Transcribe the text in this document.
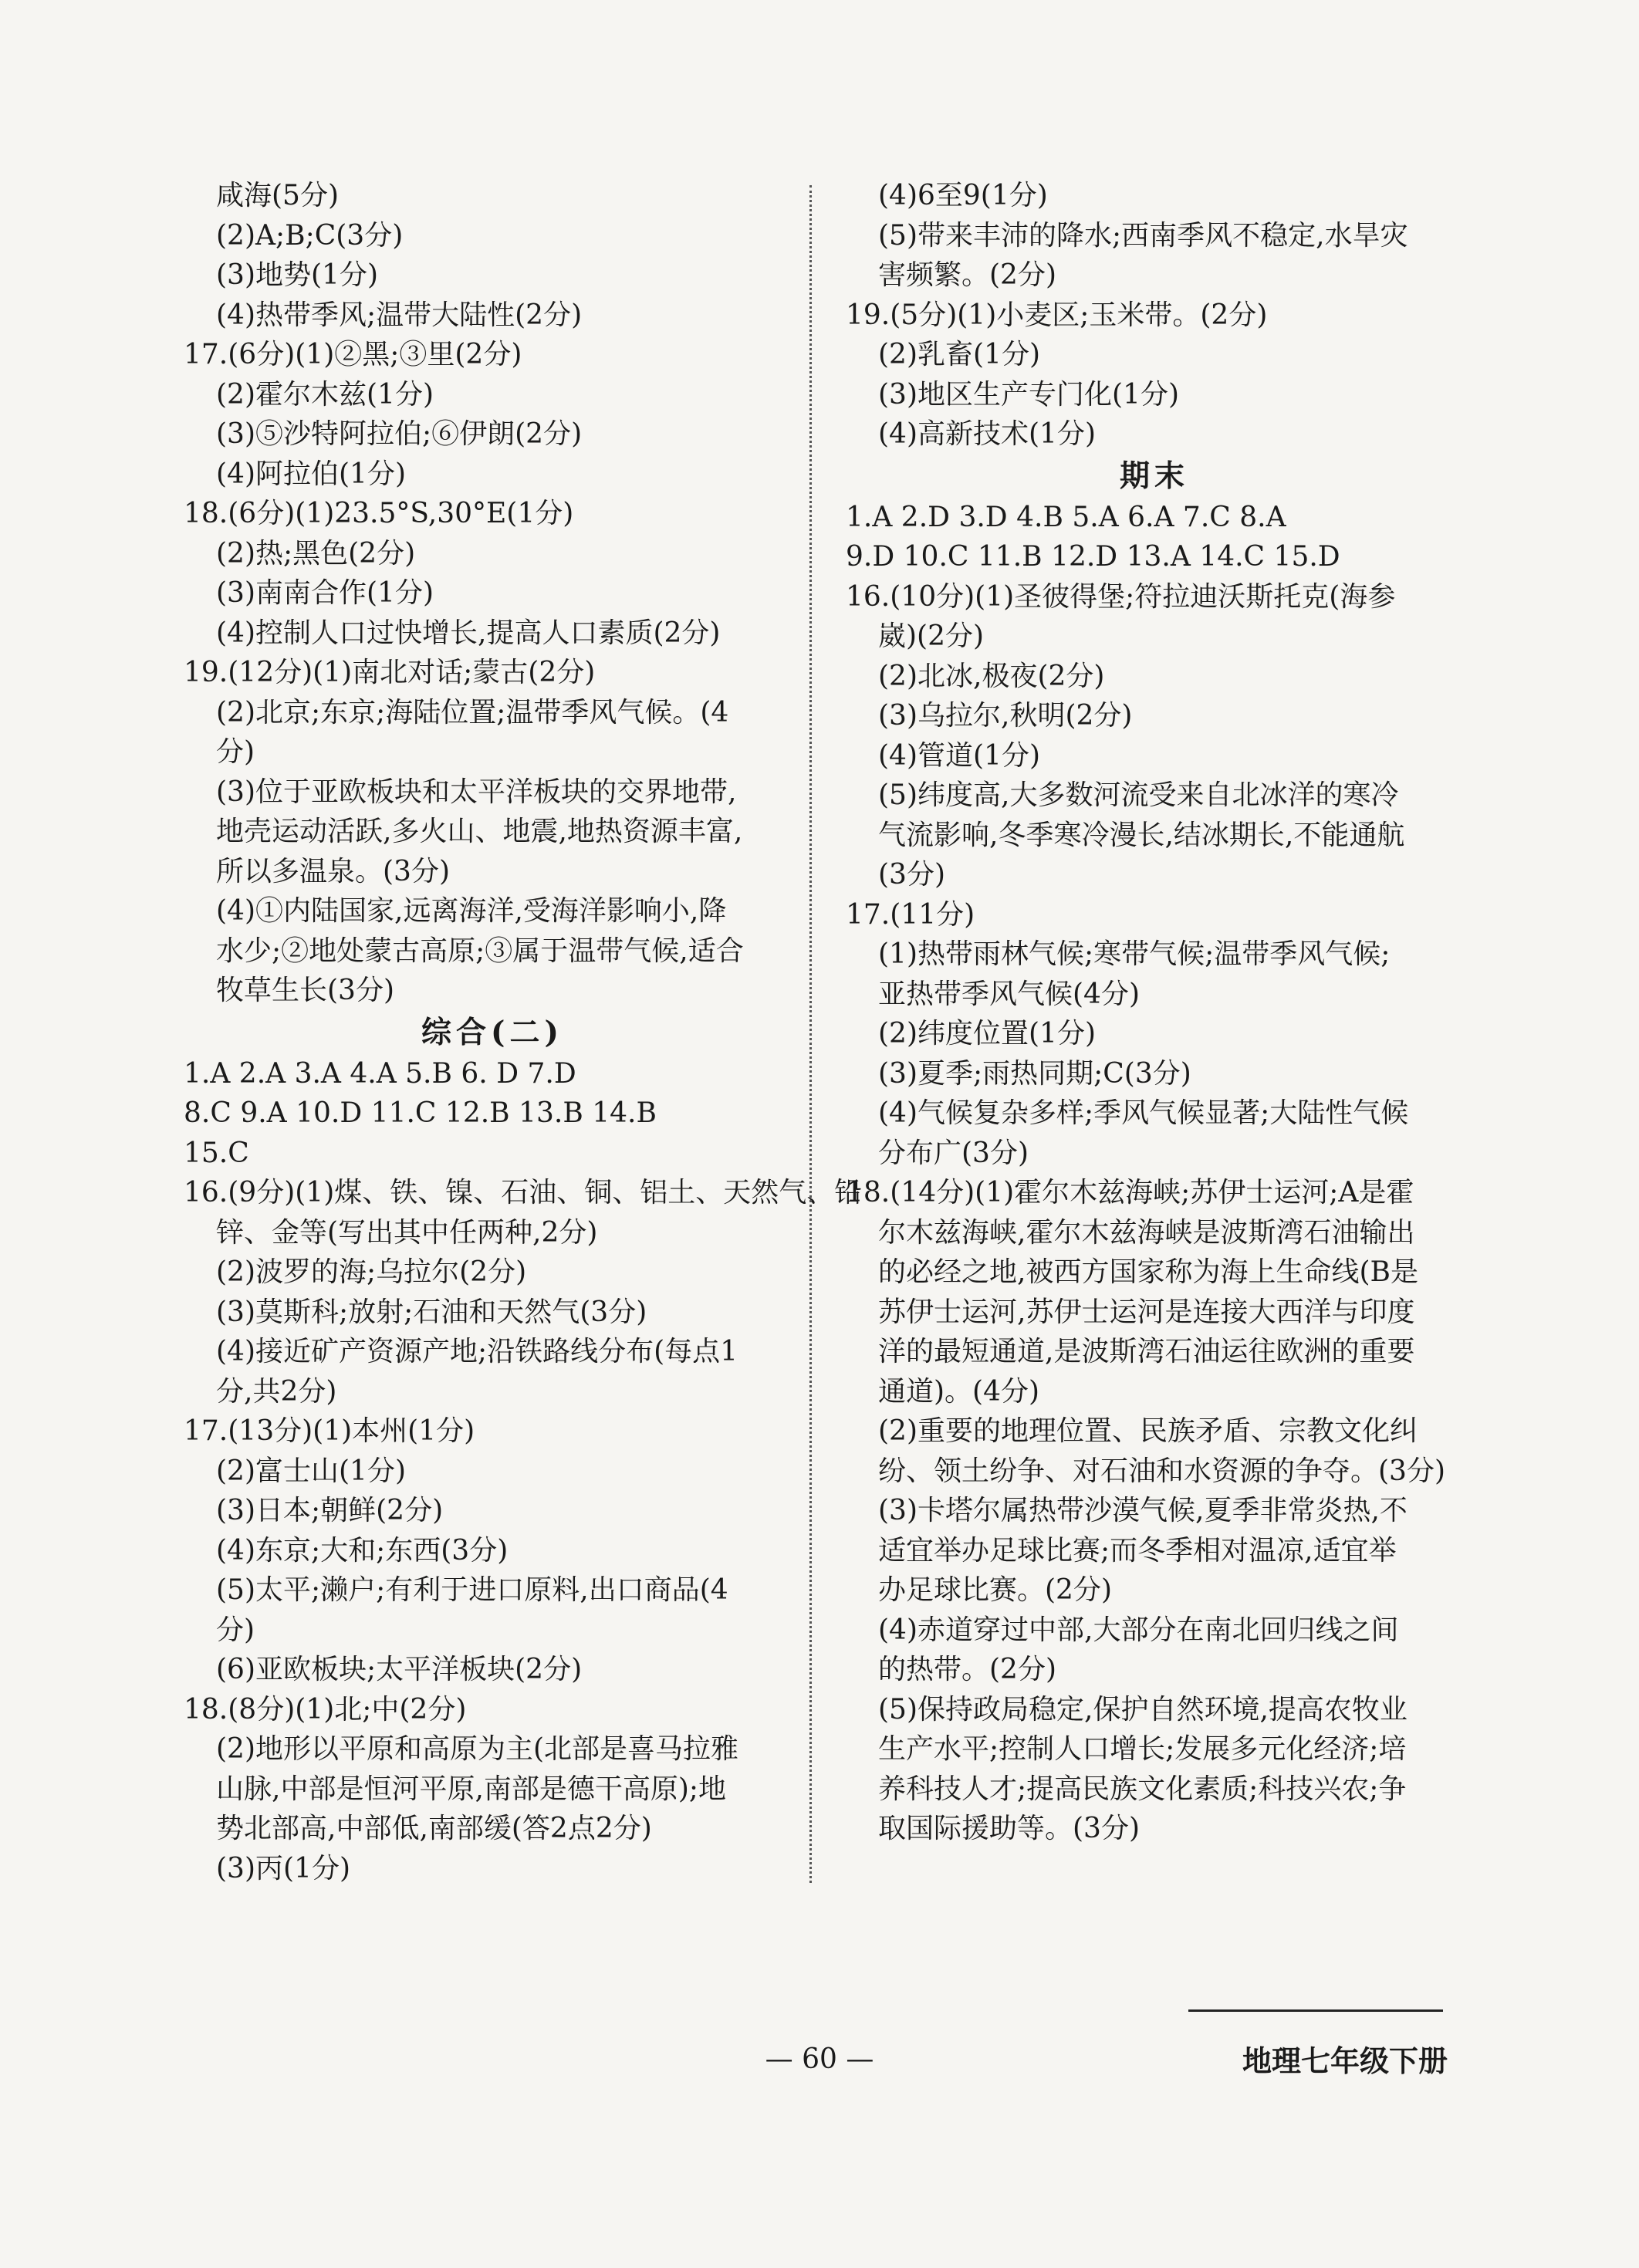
咸海(5分)
(2)A;B;C(3分)
(3)地势(1分)
(4)热带季风;温带大陆性(2分)
17.(6分)(1)②黑;③里(2分)
(2)霍尔木兹(1分)
(3)⑤沙特阿拉伯;⑥伊朗(2分)
(4)阿拉伯(1分)
18.(6分)(1)23.5°S,30°E(1分)
(2)热;黑色(2分)
(3)南南合作(1分)
(4)控制人口过快增长,提高人口素质(2分)
19.(12分)(1)南北对话;蒙古(2分)
(2)北京;东京;海陆位置;温带季风气候。(4
分)
(3)位于亚欧板块和太平洋板块的交界地带,
地壳运动活跃,多火山、地震,地热资源丰富,
所以多温泉。(3分)
(4)①内陆国家,远离海洋,受海洋影响小,降
水少;②地处蒙古高原;③属于温带气候,适合
牧草生长(3分)
综合(二)
1.A 2.A 3.A 4.A 5.B 6. D 7.D
8.C 9.A 10.D 11.C 12.B 13.B 14.B
15.C
16.(9分)(1)煤、铁、镍、石油、铜、铝土、天然气、铅
锌、金等(写出其中任两种,2分)
(2)波罗的海;乌拉尔(2分)
(3)莫斯科;放射;石油和天然气(3分)
(4)接近矿产资源产地;沿铁路线分布(每点1
分,共2分)
17.(13分)(1)本州(1分)
(2)富士山(1分)
(3)日本;朝鲜(2分)
(4)东京;大和;东西(3分)
(5)太平;濑户;有利于进口原料,出口商品(4
分)
(6)亚欧板块;太平洋板块(2分)
18.(8分)(1)北;中(2分)
(2)地形以平原和高原为主(北部是喜马拉雅
山脉,中部是恒河平原,南部是德干高原);地
势北部高,中部低,南部缓(答2点2分)
(3)丙(1分)
(4)6至9(1分)
(5)带来丰沛的降水;西南季风不稳定,水旱灾
害频繁。(2分)
19.(5分)(1)小麦区;玉米带。(2分)
(2)乳畜(1分)
(3)地区生产专门化(1分)
(4)高新技术(1分)
期末
1.A 2.D 3.D 4.B 5.A 6.A 7.C 8.A
9.D 10.C 11.B 12.D 13.A 14.C 15.D
16.(10分)(1)圣彼得堡;符拉迪沃斯托克(海参
崴)(2分)
(2)北冰,极夜(2分)
(3)乌拉尔,秋明(2分)
(4)管道(1分)
(5)纬度高,大多数河流受来自北冰洋的寒冷
气流影响,冬季寒冷漫长,结冰期长,不能通航
(3分)
17.(11分)
(1)热带雨林气候;寒带气候;温带季风气候;
亚热带季风气候(4分)
(2)纬度位置(1分)
(3)夏季;雨热同期;C(3分)
(4)气候复杂多样;季风气候显著;大陆性气候
分布广(3分)
18.(14分)(1)霍尔木兹海峡;苏伊士运河;A是霍
尔木兹海峡,霍尔木兹海峡是波斯湾石油输出
的必经之地,被西方国家称为海上生命线(B是
苏伊士运河,苏伊士运河是连接大西洋与印度
洋的最短通道,是波斯湾石油运往欧洲的重要
通道)。(4分)
(2)重要的地理位置、民族矛盾、宗教文化纠
纷、领土纷争、对石油和水资源的争夺。(3分)
(3)卡塔尔属热带沙漠气候,夏季非常炎热,不
适宜举办足球比赛;而冬季相对温凉,适宜举
办足球比赛。(2分)
(4)赤道穿过中部,大部分在南北回归线之间
的热带。(2分)
(5)保持政局稳定,保护自然环境,提高农牧业
生产水平;控制人口增长;发展多元化经济;培
养科技人才;提高民族文化素质;科技兴农;争
取国际援助等。(3分)
— 60 —	地理七年级下册
